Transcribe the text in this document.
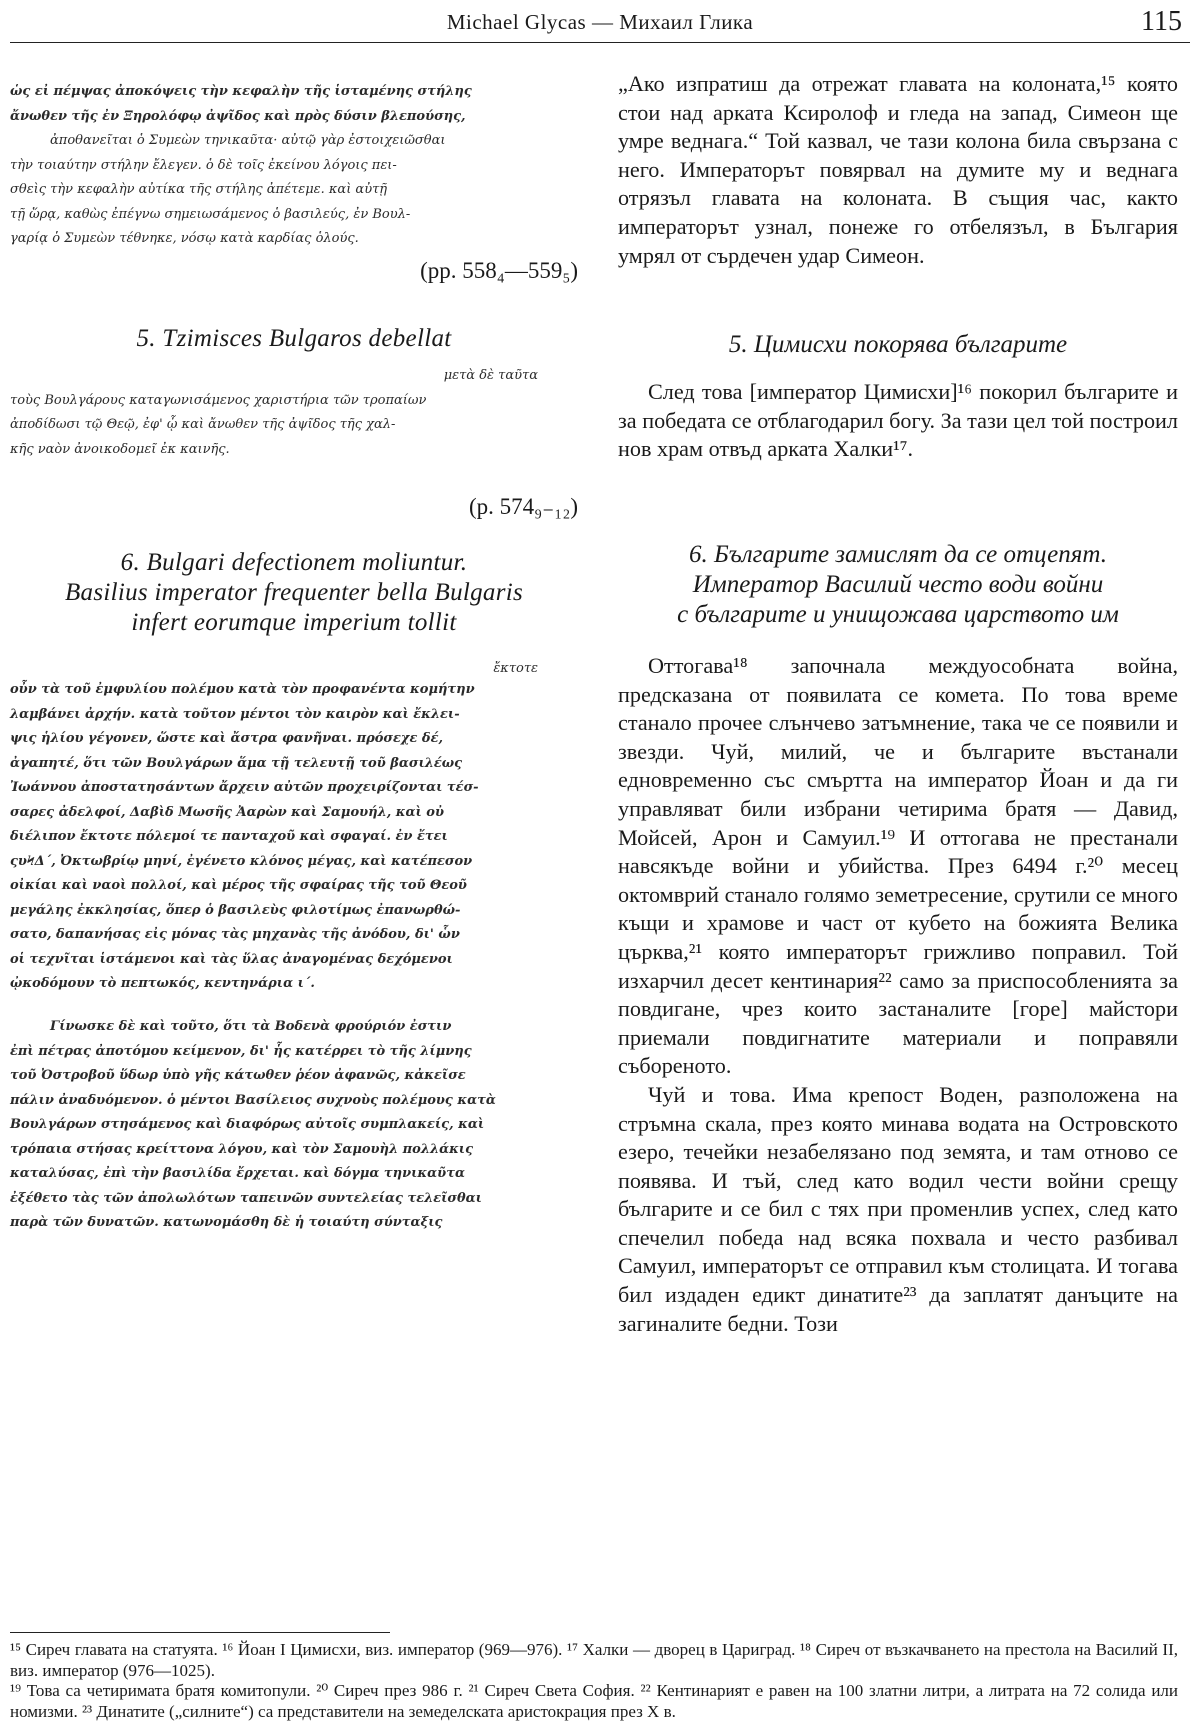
Michael Glycas — Михаил Глика	115

ὡς εἰ πέμψας ἀποκόψεις τὴν κεφαλὴν τῆς ἱσταμένης στήλης

ἄνωθεν τῆς ἐν Ξηρολόφῳ ἀψῖδος καὶ πρὸς δύσιν βλεπούσης,

ἀποθανεῖται ὁ Συμεὼν τηνικαῦτα· αὐτῷ γὰρ ἐστοιχειῶσθαι

τὴν τοιαύτην στήλην ἔλεγεν. ὁ δὲ τοῖς ἐκείνου λόγοις πει-

σθεὶς τὴν κεφαλὴν αὐτίκα τῆς στήλης ἀπέτεμε. καὶ αὐτῇ

τῇ ὥρᾳ, καθὼς ἐπέγνω σημειωσάμενος ὁ βασιλεύς, ἐν Βουλ-

γαρίᾳ ὁ Συμεὼν τέθνηκε, νόσῳ κατὰ καρδίας ὁλούς.

(pp. 558₄—559₅)
5. Tzimisces Bulgaros debellat

μετὰ δὲ ταῦτα

τοὺς Βουλγάρους καταγωνισάμενος χαριστήρια τῶν τροπαίων

ἀποδίδωσι τῷ Θεῷ, ἐφ' ᾧ καὶ ἄνωθεν τῆς ἀψῖδος τῆς χαλ-

κῆς ναὸν ἀνοικοδομεῖ ἐκ καινῆς.

(p. 574₉₋₁₂)
6. Bulgari defectionem moliuntur.
Basilius imperator frequenter bella Bulgaris
infert eorumque imperium tollit

ἔκτοτε

οὖν τὰ τοῦ ἐμφυλίου πολέμου κατὰ τὸν προφανέντα κομήτην

λαμβάνει ἀρχήν. κατὰ τοῦτον μέντοι τὸν καιρὸν καὶ ἔκλει-

ψις ἡλίου γέγονεν, ὥστε καὶ ἄστρα φανῆναι. πρόσεχε δέ,

ἀγαπητέ, ὅτι τῶν Βουλγάρων ἅμα τῇ τελευτῇ τοῦ βασιλέως

Ἰωάννου ἀποστατησάντων ἄρχειν αὐτῶν προχειρίζονται τέσ-

σαρες ἀδελφοί, Δαβὶδ Μωσῆς Ἀαρὼν καὶ Σαμουήλ, καὶ οὐ

διέλιπον ἔκτοτε πόλεμοί τε πανταχοῦ καὶ σφαγαί. ἐν ἔτει

ςυϞΔ´, Ὀκτωβρίῳ μηνί, ἐγένετο κλόνος μέγας, καὶ κατέπεσον

οἰκίαι καὶ ναοὶ πολλοί, καὶ μέρος τῆς σφαίρας τῆς τοῦ Θεοῦ

μεγάλης ἐκκλησίας, ὅπερ ὁ βασιλεὺς φιλοτίμως ἐπανωρθώ-

σατο, δαπανήσας εἰς μόνας τὰς μηχανὰς τῆς ἀνόδου, δι' ὧν

οἱ τεχνῖται ἱστάμενοι καὶ τὰς ὕλας ἀναγομένας δεχόμενοι

ᾠκοδόμουν τὸ πεπτωκός, κεντηνάρια ι´.

Γίνωσκε δὲ καὶ τοῦτο, ὅτι τὰ Βοδενὰ φρούριόν ἐστιν

ἐπὶ πέτρας ἀποτόμου κείμενον, δι' ἧς κατέρρει τὸ τῆς λίμνης

τοῦ Ὀστροβοῦ ὕδωρ ὑπὸ γῆς κάτωθεν ῥέον ἀφανῶς, κἀκεῖσε

πάλιν ἀναδυόμενον. ὁ μέντοι Βασίλειος συχνοὺς πολέμους κατὰ

Βουλγάρων στησάμενος καὶ διαφόρως αὐτοῖς συμπλακείς, καὶ

τρόπαια στήσας κρείττονα λόγου, καὶ τὸν Σαμουὴλ πολλάκις

καταλύσας, ἐπὶ τὴν βασιλίδα ἔρχεται. καὶ δόγμα τηνικαῦτα

ἐξέθετο τὰς τῶν ἀπολωλότων ταπεινῶν συντελείας τελεῖσθαι

παρὰ τῶν δυνατῶν. κατωνομάσθη δὲ ἡ τοιαύτη σύνταξις

„Ако изпратиш да отрежат главата на колоната,¹⁵ която стои над арката Ксиролоф и гледа на запад, Симеон ще умре веднага.“ Той казвал, че тази колона била свързана с него. Императорът повярвал на думите му и веднага отрязъл главата на колоната. В същия час, както императорът узнал, понеже го отбелязъл, в България умрял от сърдечен удар Симеон.

5. Цимисхи покорява българите

След това [император Цимисхи]¹⁶ покорил българите и за победата се отблагодарил богу. За тази цел той построил нов храм отвъд арката Халки¹⁷.

6. Българите замислят да се отцепят.
Император Василий често води войни
с българите и унищожава царството им

Оттогава¹⁸ започнала междуособната война, предсказана от появилата се комета. По това време станало прочее слънчево затъмнение, така че се появили и звезди. Чуй, милий, че и българите въстанали едновременно със смъртта на император Йоан и да ги управляват били избрани четирима братя — Давид, Мойсей, Арон и Самуил.¹⁹ И оттогава не престанали навсякъде войни и убийства. През 6494 г.²⁰ месец октомврий станало голямо земетресение, срутили се много къщи и храмове и част от кубето на божията Велика църква,²¹ която императорът грижливо поправил. Той изхарчил десет кентинария²² само за приспособленията за повдигане, чрез които застаналите [горе] майстори приемали повдигнатите материали и поправяли събореното.

Чуй и това. Има крепост Воден, разположена на стръмна скала, през която минава водата на Островското езеро, течейки незабелязано под земята, и там отново се появява. И тъй, след като водил чести войни срещу българите и се бил с тях при променлив успех, след като спечелил победа над всяка похвала и често разбивал Самуил, императорът се отправил към столицата. И тогава бил издаден едикт динатите²³ да заплатят данъците на загиналите бедни. Този

¹⁵ Сиреч главата на статуята. ¹⁶ Йоан I Цимисхи, виз. император (969—976). ¹⁷ Халки — дворец в Цариград. ¹⁸ Сиреч от възкачването на престола на Василий II, виз. император (976—1025).

¹⁹ Това са четиримата братя комитопули. ²⁰ Сиреч през 986 г. ²¹ Сиреч Света София. ²² Кентинарият е равен на 100 златни литри, а литрата на 72 солида или номизми. ²³ Динатите („силните“) са представители на земеделската аристокрация през X в.
